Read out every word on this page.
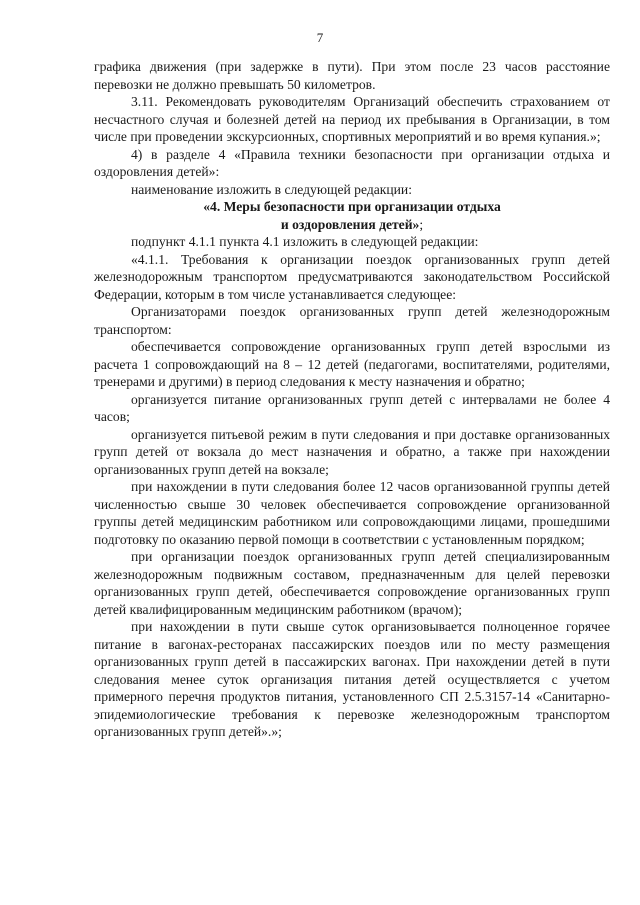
7

графика движения (при задержке в пути). При этом после 23 часов расстояние перевозки не должно превышать 50 километров.

3.11. Рекомендовать руководителям Организаций обеспечить страхованием от несчастного случая и болезней детей на период их пребывания в Организации, в том числе при проведении экскурсионных, спортивных мероприятий и во время купания.»;

4) в разделе 4 «Правила техники безопасности при организации отдыха и оздоровления детей»:

наименование изложить в следующей редакции:

«4. Меры безопасности при организации отдыха
и оздоровления детей»;

подпункт 4.1.1 пункта 4.1 изложить в следующей редакции:

«4.1.1. Требования к организации поездок организованных групп детей железнодорожным транспортом предусматриваются законодательством Российской Федерации, которым в том числе устанавливается следующее:

Организаторами поездок организованных групп детей железнодорожным транспортом:

обеспечивается сопровождение организованных групп детей взрослыми из расчета 1 сопровождающий на 8 – 12 детей (педагогами, воспитателями, родителями, тренерами и другими) в период следования к месту назначения и обратно;

организуется питание организованных групп детей с интервалами не более 4 часов;

организуется питьевой режим в пути следования и при доставке организованных групп детей от вокзала до мест назначения и обратно, а также при нахождении организованных групп детей на вокзале;

при нахождении в пути следования более 12 часов организованной группы детей численностью свыше 30 человек обеспечивается сопровождение организованной группы детей медицинским работником или сопровождающими лицами, прошедшими подготовку по оказанию первой помощи в соответствии с установленным порядком;

при организации поездок организованных групп детей специализированным железнодорожным подвижным составом, предназначенным для целей перевозки организованных групп детей, обеспечивается сопровождение организованных групп детей квалифицированным медицинским работником (врачом);

при нахождении в пути свыше суток организовывается полноценное горячее питание в вагонах-ресторанах пассажирских поездов или по месту размещения организованных групп детей в пассажирских вагонах. При нахождении детей в пути следования менее суток организация питания детей осуществляется с учетом примерного перечня продуктов питания, установленного СП 2.5.3157-14 «Санитарно-эпидемиологические требования к перевозке железнодорожным транспортом организованных групп детей».»;
